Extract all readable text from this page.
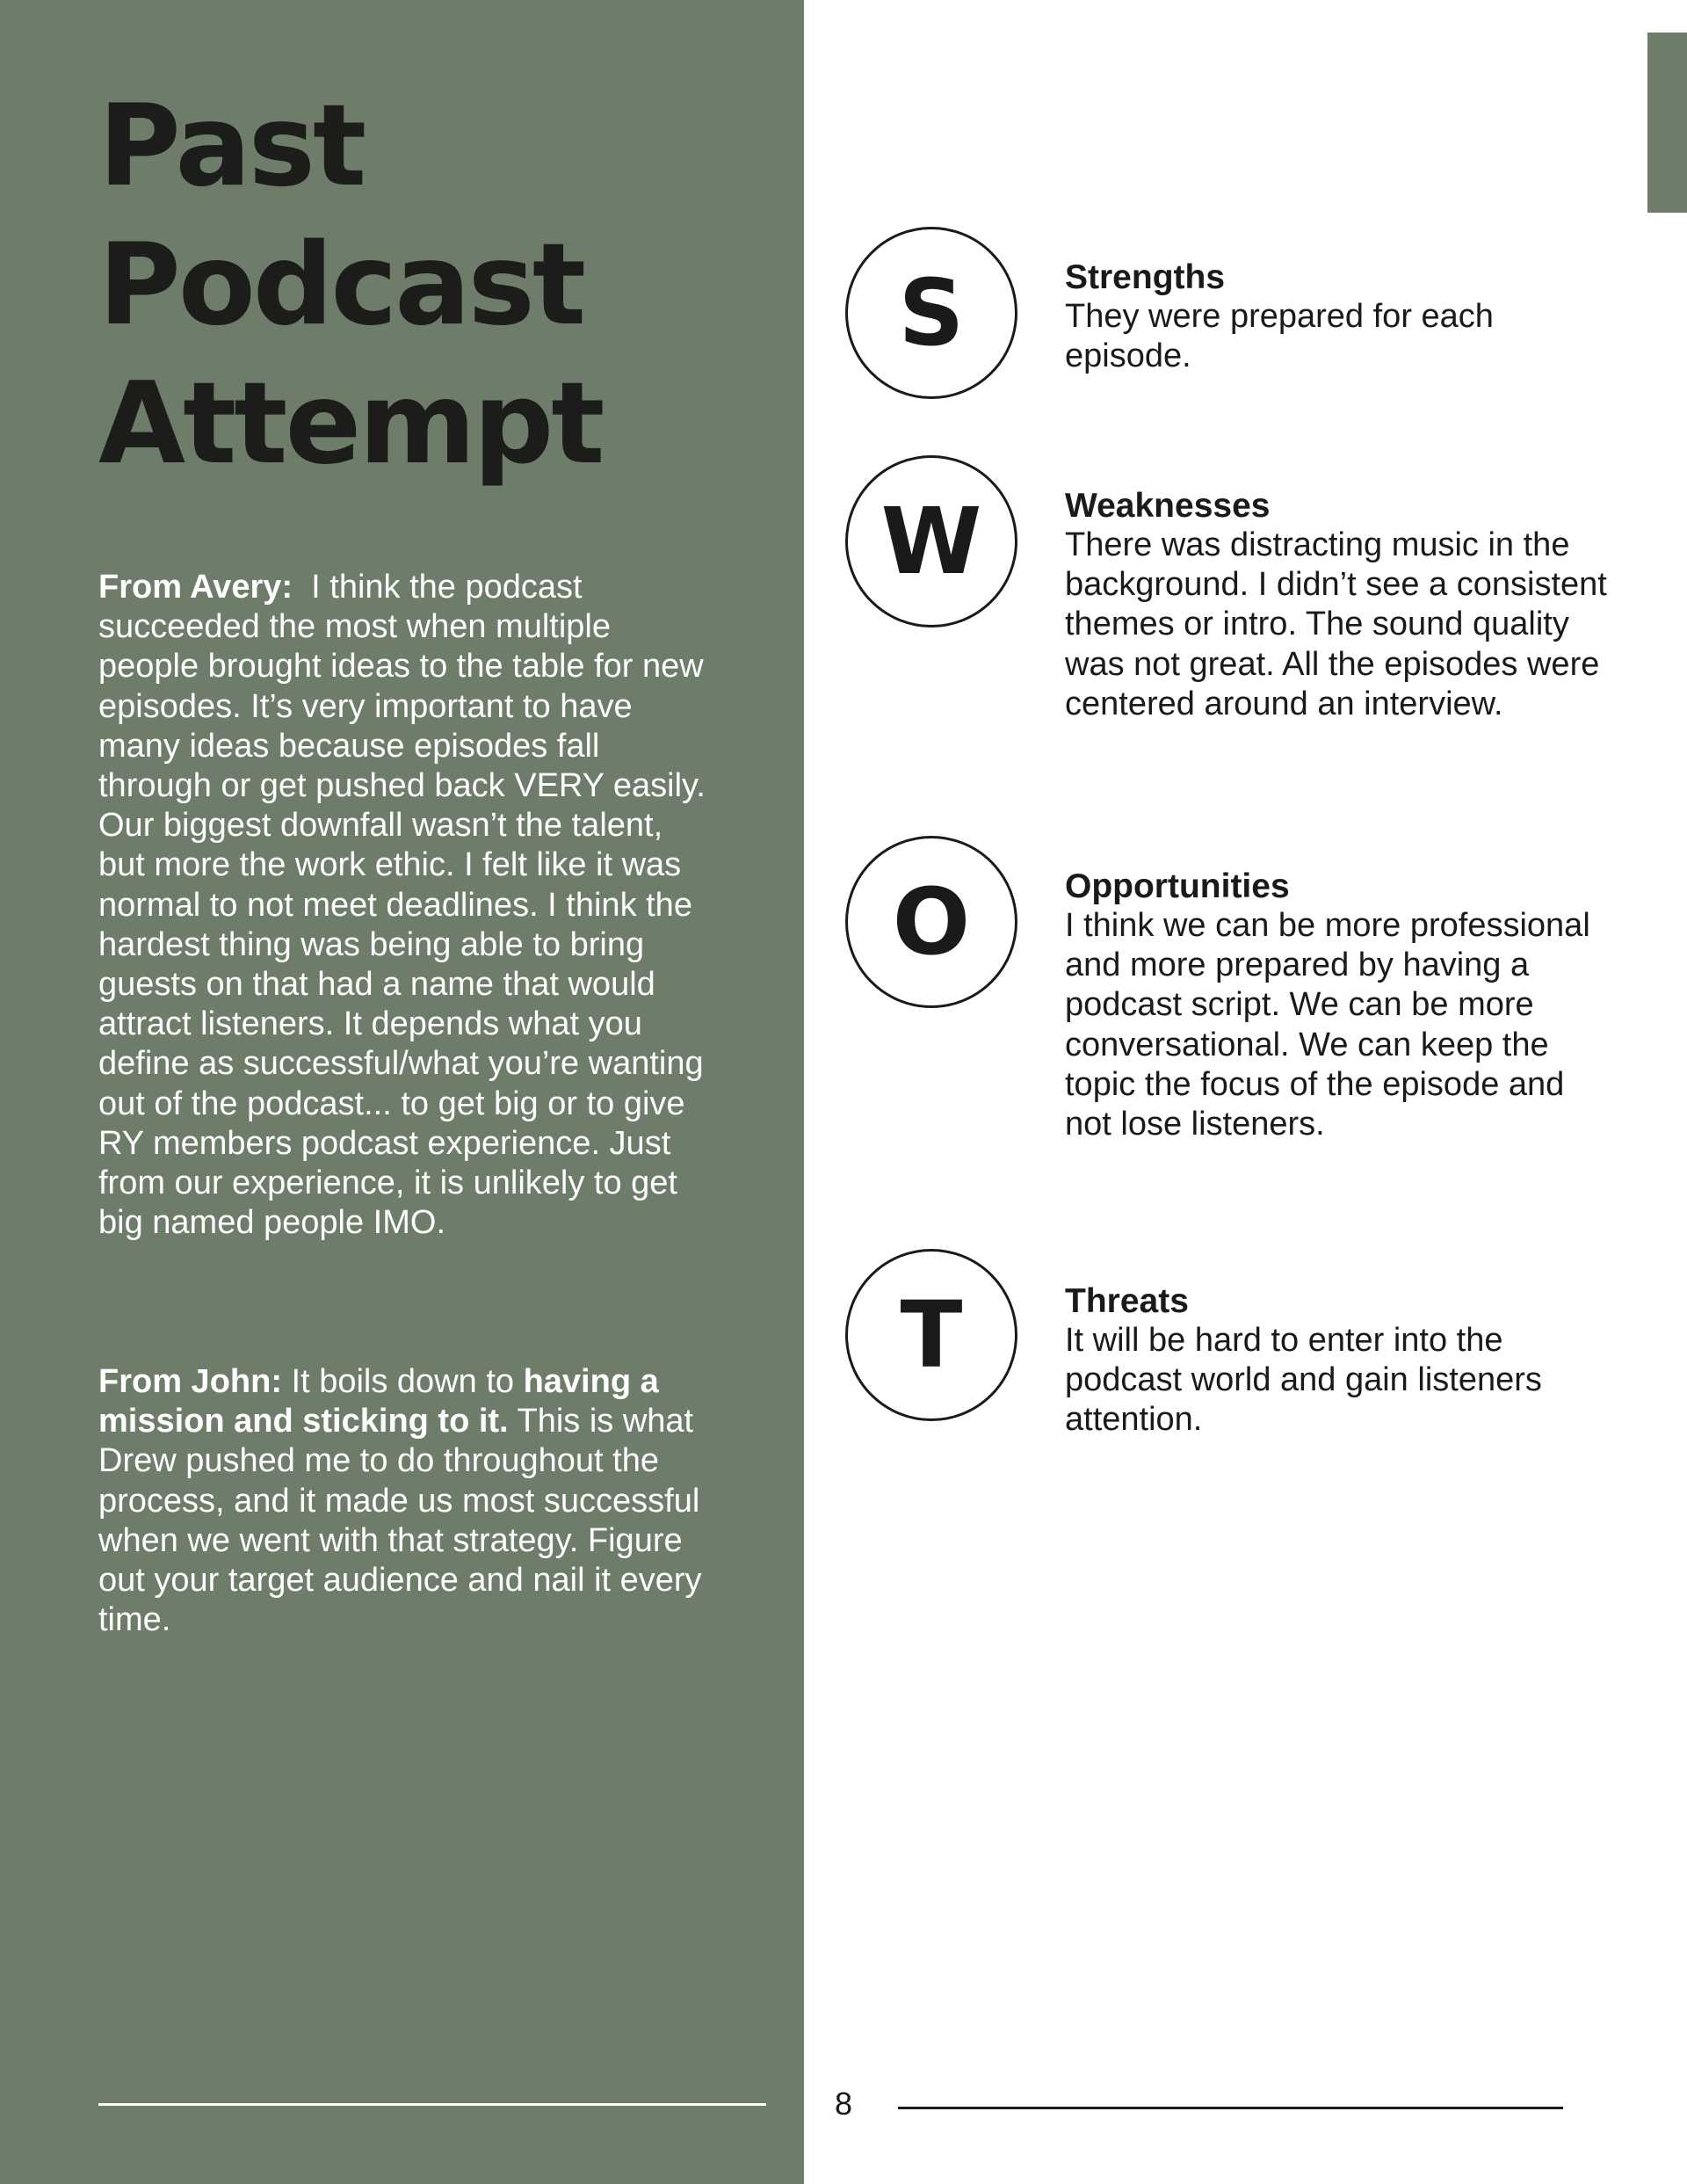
Past
Podcast
Attempt

From Avery:  I think the podcast succeeded the most when multiple people brought ideas to the table for new episodes. It’s very important to have many ideas because episodes fall through or get pushed back VERY easily. Our biggest downfall wasn’t the talent, but more the work ethic. I felt like it was normal to not meet deadlines. I think the hardest thing was being able to bring guests on that had a name that would attract listeners. It depends what you define as successful/what you’re wanting out of the podcast... to get big or to give RY members podcast experience. Just from our experience, it is unlikely to get big named people IMO.

From John: It boils down to having a mission and sticking to it. This is what Drew pushed me to do throughout the process, and it made us most successful when we went with that strategy. Figure out your target audience and nail it every time.

S	Strengths

They were prepared for each episode.

W	Weaknesses

There was distracting music in the background. I didn’t see a consistent themes or intro. The sound quality was not great. All the episodes were centered around an interview.

O	Opportunities

I think we can be more professional and more prepared by having a podcast script. We can be more conversational. We can keep the topic the focus of the episode and not lose listeners.

T	Threats

It will be hard to enter into the podcast world and gain listeners attention.

8
